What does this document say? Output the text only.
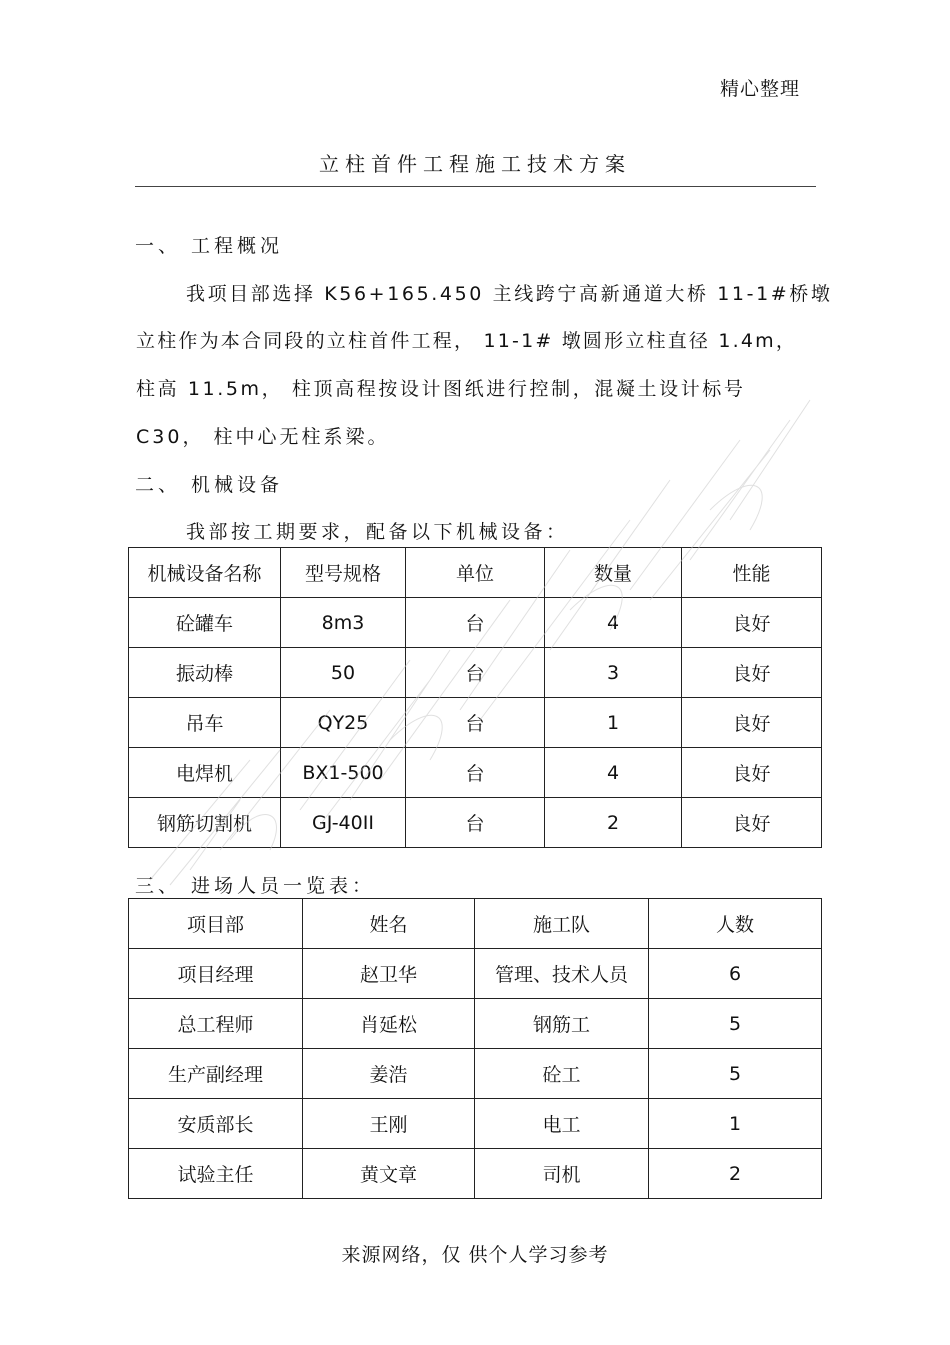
精心整理
立柱首件工程施工技术方案
一、 工程概况
我项目部选择 K56+165.450 主线跨宁高新通道大桥 11-1#桥墩
立柱作为本合同段的立柱首件工程， 11-1# 墩圆形立柱直径 1.4m，
柱高 11.5m， 柱顶高程按设计图纸进行控制，混凝土设计标号
C30， 柱中心无柱系梁。
二、 机械设备
我部按工期要求，配备以下机械设备：
机械设备名称	型号规格	单位	数量	性能
砼罐车	8m3	台	4	良好
振动棒	50	台	3	良好
吊车	QY25	台	1	良好
电焊机	BX1-500	台	4	良好
钢筋切割机	GJ-40II	台	2	良好
三、 进场人员一览表：
项目部	姓名	施工队	人数
项目经理	赵卫华	管理、技术人员	6
总工程师	肖延松	钢筋工	5
生产副经理	姜浩	砼工	5
安质部长	王刚	电工	1
试验主任	黄文章	司机	2
来源网络，仅 供个人学习参考
